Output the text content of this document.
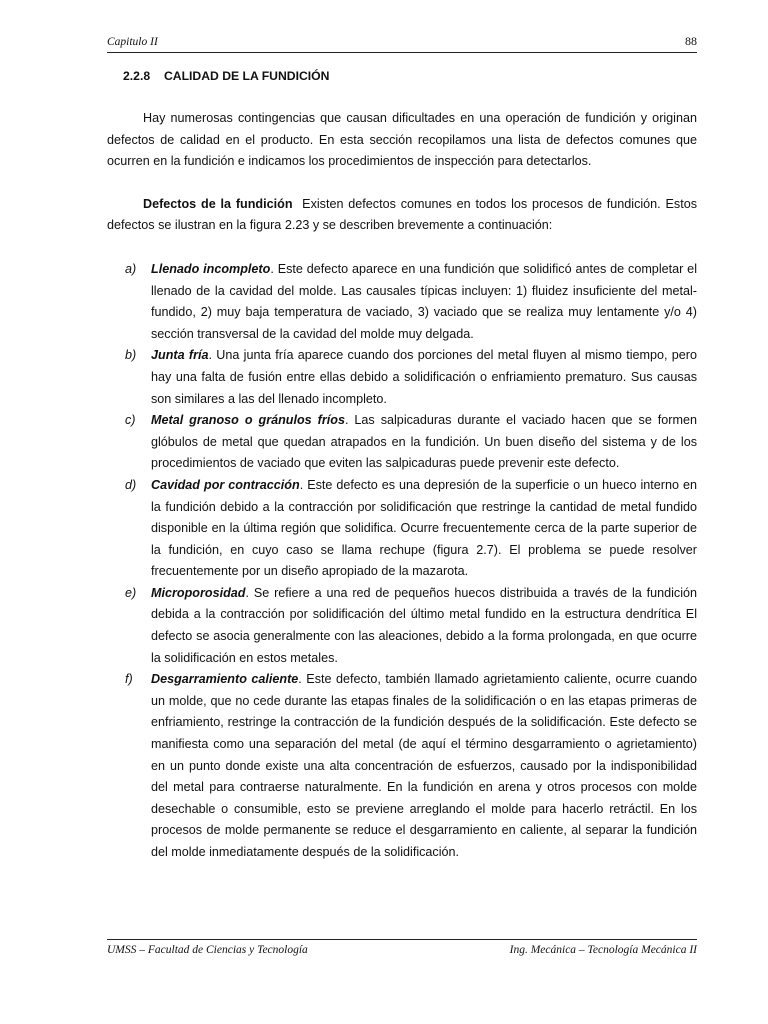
Capitulo II	88
2.2.8 CALIDAD DE LA FUNDICIÓN

Hay numerosas contingencias que causan dificultades en una operación de fundición y originan defectos de calidad en el producto. En esta sección recopilamos una lista de defectos comunes que ocurren en la fundición e indicamos los procedimientos de inspección para detectarlos.

Defectos de la fundición Existen defectos comunes en todos los procesos de fundición. Estos defectos se ilustran en la figura 2.23 y se describen brevemente a continuación:

a) Llenado incompleto. Este defecto aparece en una fundición que solidificó antes de completar el llenado de la cavidad del molde. Las causales típicas incluyen: 1) fluidez insuficiente del metal-fundido, 2) muy baja temperatura de vaciado, 3) vaciado que se realiza muy lentamente y/o 4) sección transversal de la cavidad del molde muy delgada.
b) Junta fría. Una junta fría aparece cuando dos porciones del metal fluyen al mismo tiempo, pero hay una falta de fusión entre ellas debido a solidificación o enfriamiento prematuro. Sus causas son similares a las del llenado incompleto.
c) Metal granoso o gránulos fríos. Las salpicaduras durante el vaciado hacen que se formen glóbulos de metal que quedan atrapados en la fundición. Un buen diseño del sistema y de los procedimientos de vaciado que eviten las salpicaduras puede prevenir este defecto.
d) Cavidad por contracción. Este defecto es una depresión de la superficie o un hueco interno en la fundición debido a la contracción por solidificación que restringe la cantidad de metal fundido disponible en la última región que solidifica. Ocurre frecuentemente cerca de la parte superior de la fundición, en cuyo caso se llama rechupe (figura 2.7). El problema se puede resolver frecuentemente por un diseño apropiado de la mazarota.
e) Microporosidad. Se refiere a una red de pequeños huecos distribuida a través de la fundición debida a la contracción por solidificación del último metal fundido en la estructura dendrítica El defecto se asocia generalmente con las aleaciones, debido a la forma prolongada, en que ocurre la solidificación en estos metales.
f) Desgarramiento caliente. Este defecto, también llamado agrietamiento caliente, ocurre cuando un molde, que no cede durante las etapas finales de la solidificación o en las etapas primeras de enfriamiento, restringe la contracción de la fundición después de la solidificación. Este defecto se manifiesta como una separación del metal (de aquí el término desgarramiento o agrietamiento) en un punto donde existe una alta concentración de esfuerzos, causado por la indisponibilidad del metal para contraerse naturalmente. En la fundición en arena y otros procesos con molde desechable o consumible, esto se previene arreglando el molde para hacerlo retráctil. En los procesos de molde permanente se reduce el desgarramiento en caliente, al separar la fundición del molde inmediatamente después de la solidificación.
UMSS – Facultad de Ciencias y Tecnología	Ing. Mecánica – Tecnología Mecánica II
